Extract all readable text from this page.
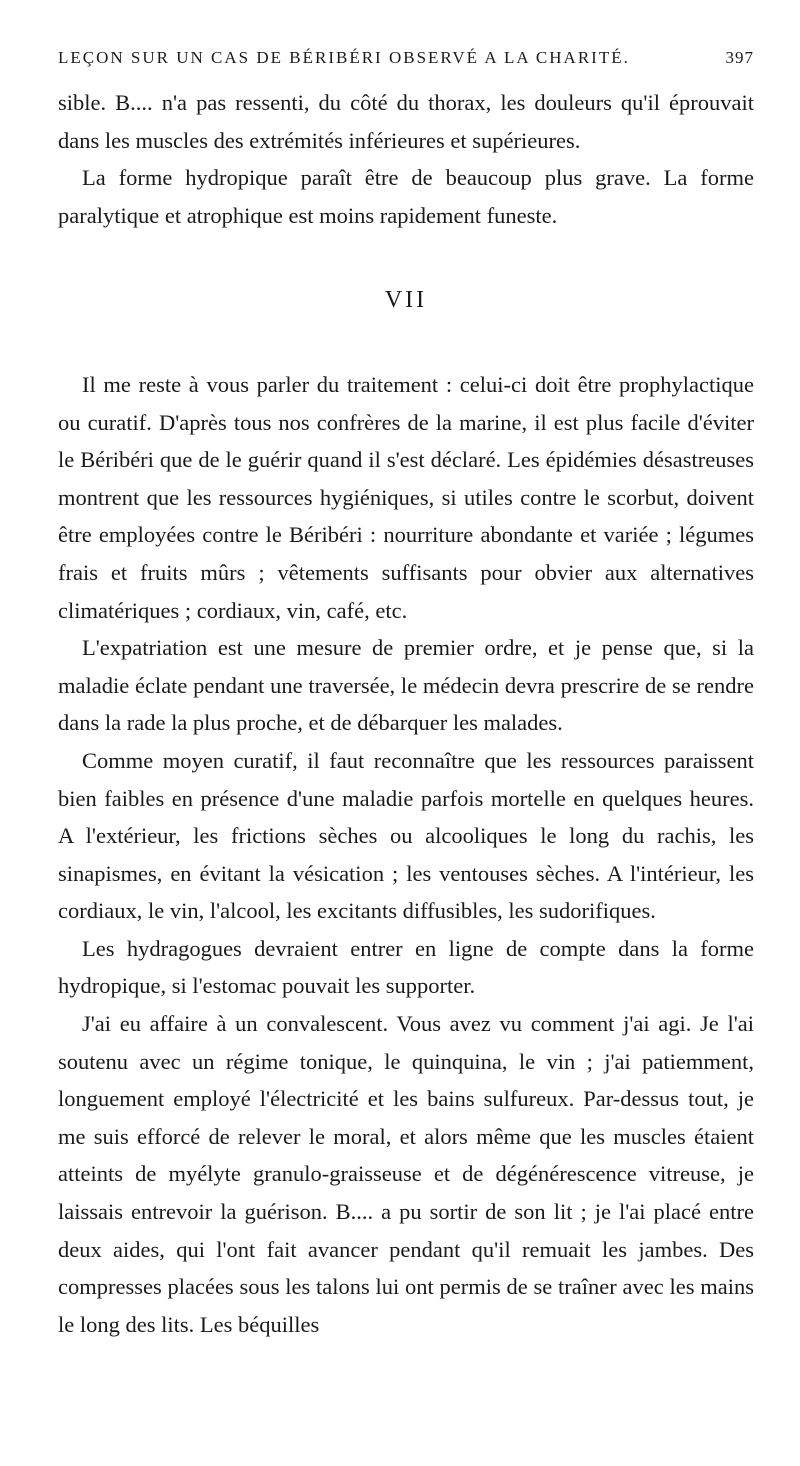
LEÇON SUR UN CAS DE BÉRIBÉRI OBSERVÉ A LA CHARITÉ.	397

sible. B.... n'a pas ressenti, du côté du thorax, les douleurs qu'il éprouvait dans les muscles des extrémités inférieures et supérieures.

La forme hydropique paraît être de beaucoup plus grave. La forme paralytique et atrophique est moins rapidement funeste.

VII

Il me reste à vous parler du traitement : celui-ci doit être prophylactique ou curatif. D'après tous nos confrères de la marine, il est plus facile d'éviter le Béribéri que de le guérir quand il s'est déclaré. Les épidémies désastreuses montrent que les ressources hygiéniques, si utiles contre le scorbut, doivent être employées contre le Béribéri : nourriture abondante et variée ; légumes frais et fruits mûrs ; vêtements suffisants pour obvier aux alternatives climatériques ; cordiaux, vin, café, etc.

L'expatriation est une mesure de premier ordre, et je pense que, si la maladie éclate pendant une traversée, le médecin devra prescrire de se rendre dans la rade la plus proche, et de débarquer les malades.

Comme moyen curatif, il faut reconnaître que les ressources paraissent bien faibles en présence d'une maladie parfois mortelle en quelques heures. A l'extérieur, les frictions sèches ou alcooliques le long du rachis, les sinapismes, en évitant la vésication ; les ventouses sèches. A l'intérieur, les cordiaux, le vin, l'alcool, les excitants diffusibles, les sudorifiques.

Les hydragogues devraient entrer en ligne de compte dans la forme hydropique, si l'estomac pouvait les supporter.

J'ai eu affaire à un convalescent. Vous avez vu comment j'ai agi. Je l'ai soutenu avec un régime tonique, le quinquina, le vin ; j'ai patiemment, longuement employé l'électricité et les bains sulfureux. Par-dessus tout, je me suis efforcé de relever le moral, et alors même que les muscles étaient atteints de myélyte granulo-graisseuse et de dégénérescence vitreuse, je laissais entrevoir la guérison. B.... a pu sortir de son lit ; je l'ai placé entre deux aides, qui l'ont fait avancer pendant qu'il remuait les jambes. Des compresses placées sous les talons lui ont permis de se traîner avec les mains le long des lits. Les béquilles
